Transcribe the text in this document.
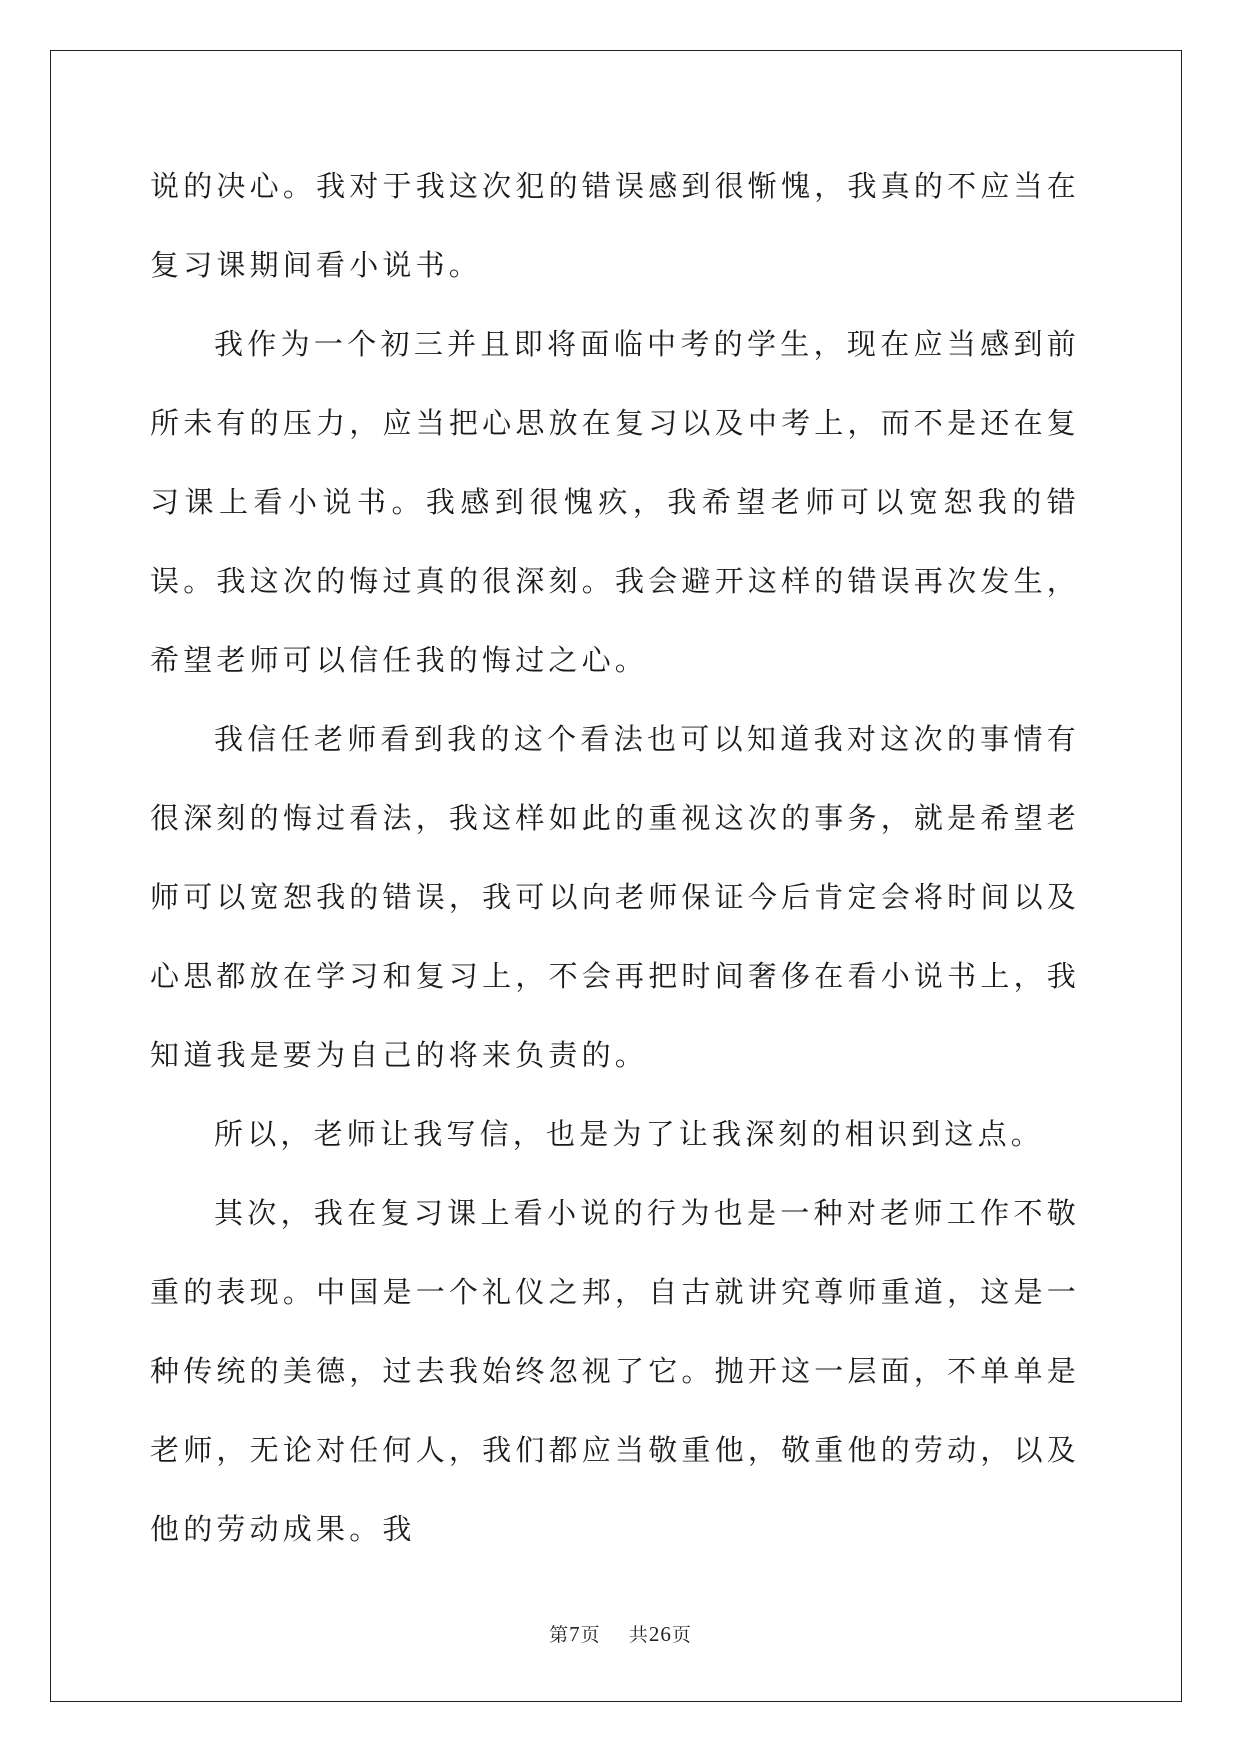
说的决心。我对于我这次犯的错误感到很惭愧，我真的不应当在复习课期间看小说书。

我作为一个初三并且即将面临中考的学生，现在应当感到前所未有的压力，应当把心思放在复习以及中考上，而不是还在复习课上看小说书。我感到很愧疚，我希望老师可以宽恕我的错误。我这次的悔过真的很深刻。我会避开这样的错误再次发生，希望老师可以信任我的悔过之心。

我信任老师看到我的这个看法也可以知道我对这次的事情有很深刻的悔过看法，我这样如此的重视这次的事务，就是希望老师可以宽恕我的错误，我可以向老师保证今后肯定会将时间以及心思都放在学习和复习上，不会再把时间奢侈在看小说书上，我知道我是要为自己的将来负责的。

所以，老师让我写信，也是为了让我深刻的相识到这点。

其次，我在复习课上看小说的行为也是一种对老师工作不敬重的表现。中国是一个礼仪之邦，自古就讲究尊师重道，这是一种传统的美德，过去我始终忽视了它。抛开这一层面，不单单是老师，无论对任何人，我们都应当敬重他，敬重他的劳动，以及他的劳动成果。我

第7页 共26页
